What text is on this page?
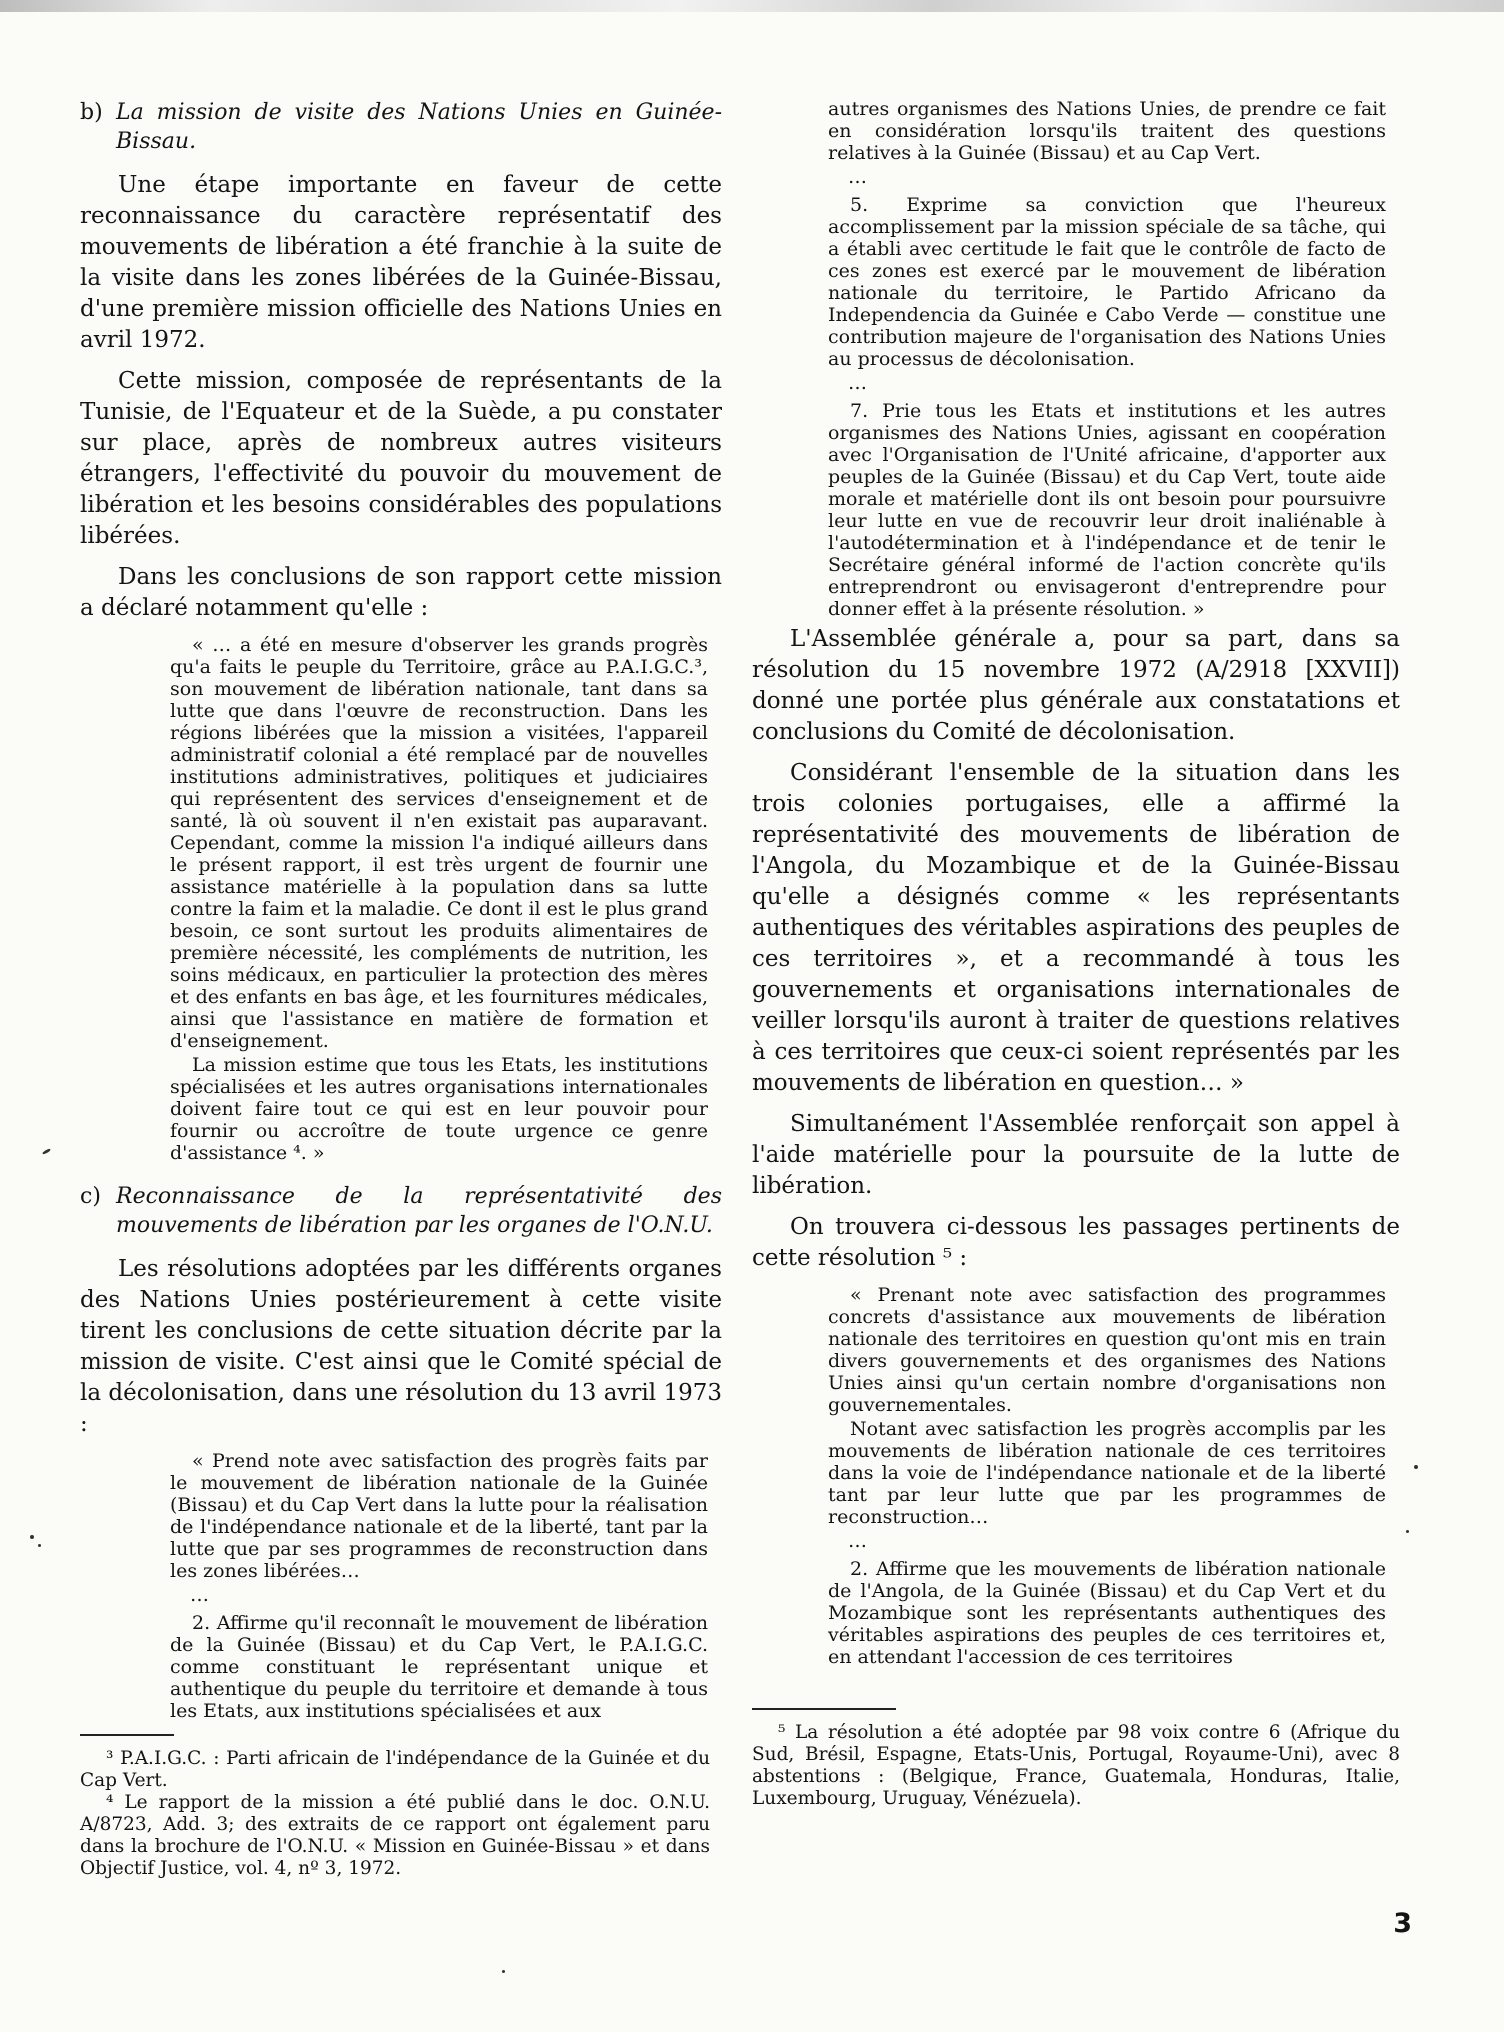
b) La mission de visite des Nations Unies en Guinée-Bissau.

Une étape importante en faveur de cette reconnaissance du caractère représentatif des mouvements de libération a été franchie à la suite de la visite dans les zones libérées de la Guinée-Bissau, d'une première mission officielle des Nations Unies en avril 1972.

Cette mission, composée de représentants de la Tunisie, de l'Equateur et de la Suède, a pu constater sur place, après de nombreux autres visiteurs étrangers, l'effectivité du pouvoir du mouvement de libération et les besoins considérables des populations libérées.

Dans les conclusions de son rapport cette mission a déclaré notamment qu'elle :

« … a été en mesure d'observer les grands progrès qu'a faits le peuple du Territoire, grâce au P.A.I.G.C.³, son mouvement de libération nationale, tant dans sa lutte que dans l'œuvre de reconstruction. Dans les régions libérées que la mission a visitées, l'appareil administratif colonial a été remplacé par de nouvelles institutions administratives, politiques et judiciaires qui représentent des services d'enseignement et de santé, là où souvent il n'en existait pas auparavant. Cependant, comme la mission l'a indiqué ailleurs dans le présent rapport, il est très urgent de fournir une assistance matérielle à la population dans sa lutte contre la faim et la maladie. Ce dont il est le plus grand besoin, ce sont surtout les produits alimentaires de première nécessité, les compléments de nutrition, les soins médicaux, en particulier la protection des mères et des enfants en bas âge, et les fournitures médicales, ainsi que l'assistance en matière de formation et d'enseignement.

La mission estime que tous les Etats, les institutions spécialisées et les autres organisations internationales doivent faire tout ce qui est en leur pouvoir pour fournir ou accroître de toute urgence ce genre d'assistance ⁴. »

c) Reconnaissance de la représentativité des mouvements de libération par les organes de l'O.N.U.

Les résolutions adoptées par les différents organes des Nations Unies postérieurement à cette visite tirent les conclusions de cette situation décrite par la mission de visite. C'est ainsi que le Comité spécial de la décolonisation, dans une résolution du 13 avril 1973 :

« Prend note avec satisfaction des progrès faits par le mouvement de libération nationale de la Guinée (Bissau) et du Cap Vert dans la lutte pour la réalisation de l'indépendance nationale et de la liberté, tant par la lutte que par ses programmes de reconstruction dans les zones libérées…

…

2. Affirme qu'il reconnaît le mouvement de libération de la Guinée (Bissau) et du Cap Vert, le P.A.I.G.C. comme constituant le représentant unique et authentique du peuple du territoire et demande à tous les Etats, aux institutions spécialisées et aux

autres organismes des Nations Unies, de prendre ce fait en considération lorsqu'ils traitent des questions relatives à la Guinée (Bissau) et au Cap Vert.

…

5. Exprime sa conviction que l'heureux accomplissement par la mission spéciale de sa tâche, qui a établi avec certitude le fait que le contrôle de facto de ces zones est exercé par le mouvement de libération nationale du territoire, le Partido Africano da Independencia da Guinée e Cabo Verde — constitue une contribution majeure de l'organisation des Nations Unies au processus de décolonisation.

…

7. Prie tous les Etats et institutions et les autres organismes des Nations Unies, agissant en coopération avec l'Organisation de l'Unité africaine, d'apporter aux peuples de la Guinée (Bissau) et du Cap Vert, toute aide morale et matérielle dont ils ont besoin pour poursuivre leur lutte en vue de recouvrir leur droit inaliénable à l'autodétermination et à l'indépendance et de tenir le Secrétaire général informé de l'action concrète qu'ils entreprendront ou envisageront d'entreprendre pour donner effet à la présente résolution. »

L'Assemblée générale a, pour sa part, dans sa résolution du 15 novembre 1972 (A/2918 [XXVII]) donné une portée plus générale aux constatations et conclusions du Comité de décolonisation.

Considérant l'ensemble de la situation dans les trois colonies portugaises, elle a affirmé la représentativité des mouvements de libération de l'Angola, du Mozambique et de la Guinée-Bissau qu'elle a désignés comme « les représentants authentiques des véritables aspirations des peuples de ces territoires », et a recommandé à tous les gouvernements et organisations internationales de veiller lorsqu'ils auront à traiter de questions relatives à ces territoires que ceux-ci soient représentés par les mouvements de libération en question… »

Simultanément l'Assemblée renforçait son appel à l'aide matérielle pour la poursuite de la lutte de libération.

On trouvera ci-dessous les passages pertinents de cette résolution ⁵ :

« Prenant note avec satisfaction des programmes concrets d'assistance aux mouvements de libération nationale des territoires en question qu'ont mis en train divers gouvernements et des organismes des Nations Unies ainsi qu'un certain nombre d'organisations non gouvernementales.

Notant avec satisfaction les progrès accomplis par les mouvements de libération nationale de ces territoires dans la voie de l'indépendance nationale et de la liberté tant par leur lutte que par les programmes de reconstruction…

…

2. Affirme que les mouvements de libération nationale de l'Angola, de la Guinée (Bissau) et du Cap Vert et du Mozambique sont les représentants authentiques des véritables aspirations des peuples de ces territoires et, en attendant l'accession de ces territoires

³ P.A.I.G.C. : Parti africain de l'indépendance de la Guinée et du Cap Vert.

⁴ Le rapport de la mission a été publié dans le doc. O.N.U. A/8723, Add. 3; des extraits de ce rapport ont également paru dans la brochure de l'O.N.U. « Mission en Guinée-Bissau » et dans Objectif Justice, vol. 4, nº 3, 1972.

⁵ La résolution a été adoptée par 98 voix contre 6 (Afrique du Sud, Brésil, Espagne, Etats-Unis, Portugal, Royaume-Uni), avec 8 abstentions : (Belgique, France, Guatemala, Honduras, Italie, Luxembourg, Uruguay, Vénézuela).

3
